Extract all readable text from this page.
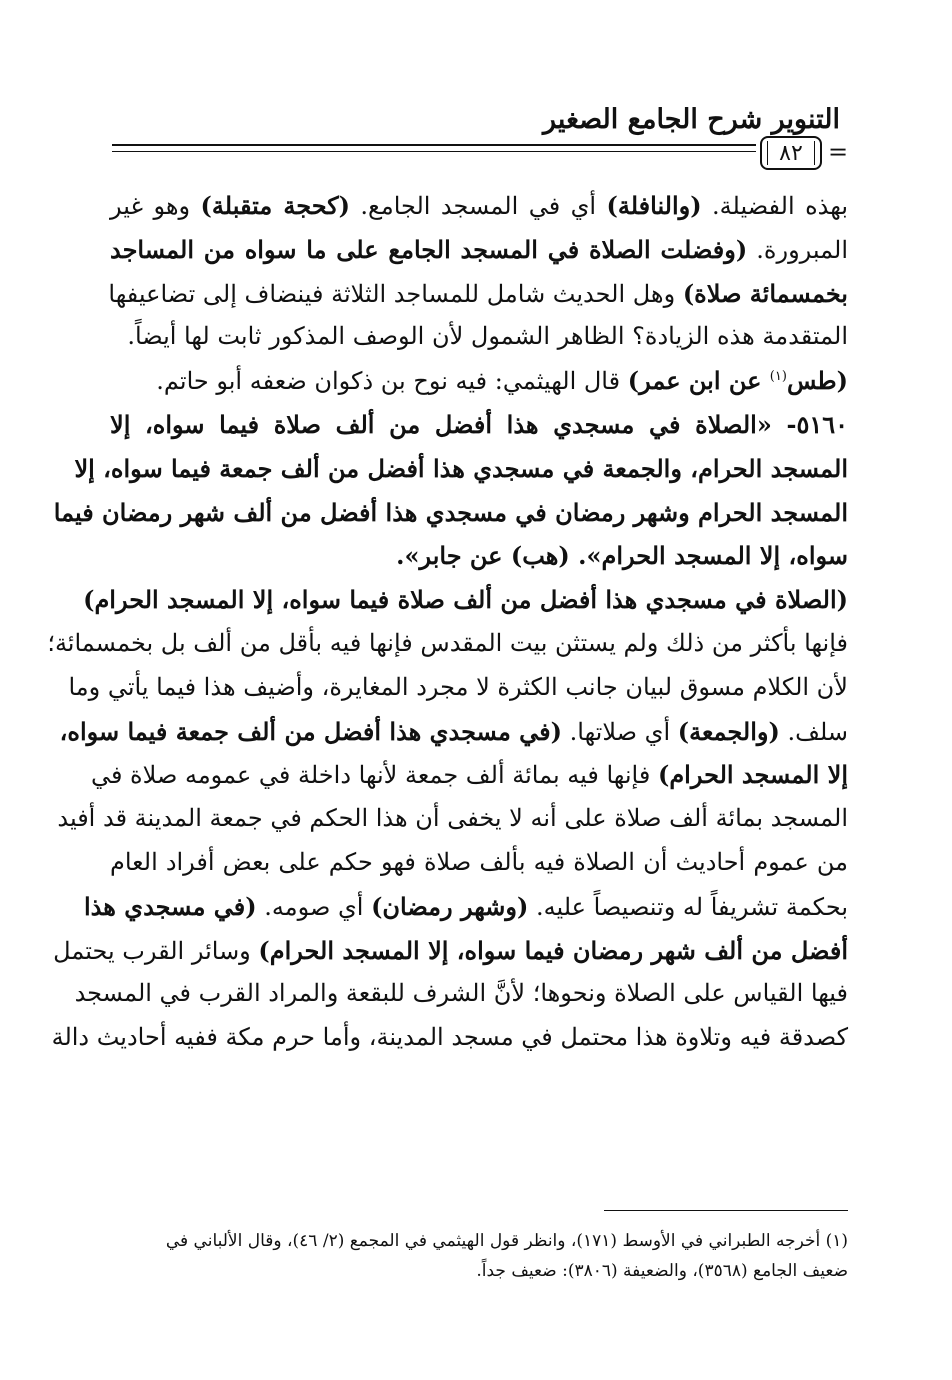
التنوير شرح الجامع الصغير
٨٢ =
بهذه الفضيلة. (والنافلة) أي في المسجد الجامع. (كحجة متقبلة) وهو غير
المبرورة. (وفضلت الصلاة في المسجد الجامع على ما سواه من المساجد
بخمسمائة صلاة) وهل الحديث شامل للمساجد الثلاثة فينضاف إلى تضاعيفها
المتقدمة هذه الزيادة؟ الظاهر الشمول لأن الوصف المذكور ثابت لها أيضاً.
(طس$^{(١)}$ عن ابن عمر) قال الهيثمي: فيه نوح بن ذكوان ضعفه أبو حاتم.
٥١٦٠- «الصلاة في مسجدي هذا أفضل من ألف صلاة فيما سواه، إلا
المسجد الحرام، والجمعة في مسجدي هذا أفضل من ألف جمعة فيما سواه، إلا
المسجد الحرام وشهر رمضان في مسجدي هذا أفضل من ألف شهر رمضان فيما
سواه، إلا المسجد الحرام». (هب) عن جابر».
(الصلاة في مسجدي هذا أفضل من ألف صلاة فيما سواه، إلا المسجد الحرام)
فإنها بأكثر من ذلك ولم يستثن بيت المقدس فإنها فيه بأقل من ألف بل بخمسمائة؛
لأن الكلام مسوق لبيان جانب الكثرة لا مجرد المغايرة، وأضيف هذا فيما يأتي وما
سلف. (والجمعة) أي صلاتها. (في مسجدي هذا أفضل من ألف جمعة فيما سواه،
إلا المسجد الحرام) فإنها فيه بمائة ألف جمعة لأنها داخلة في عمومه صلاة في
المسجد بمائة ألف صلاة على أنه لا يخفى أن هذا الحكم في جمعة المدينة قد أفيد
من عموم أحاديث أن الصلاة فيه بألف صلاة فهو حكم على بعض أفراد العام
بحكمة تشريفاً له وتنصيصاً عليه. (وشهر رمضان) أي صومه. (في مسجدي هذا
أفضل من ألف شهر رمضان فيما سواه، إلا المسجد الحرام) وسائر القرب يحتمل
فيها القياس على الصلاة ونحوها؛ لأنَّ الشرف للبقعة والمراد القرب في المسجد
كصدقة فيه وتلاوة هذا محتمل في مسجد المدينة، وأما حرم مكة ففيه أحاديث دالة
(١) أخرجه الطبراني في الأوسط (١٧١)، وانظر قول الهيثمي في المجمع (٢/ ٤٦)، وقال الألباني في
ضعيف الجامع (٣٥٦٨)، والضعيفة (٣٨٠٦): ضعيف جداً.
